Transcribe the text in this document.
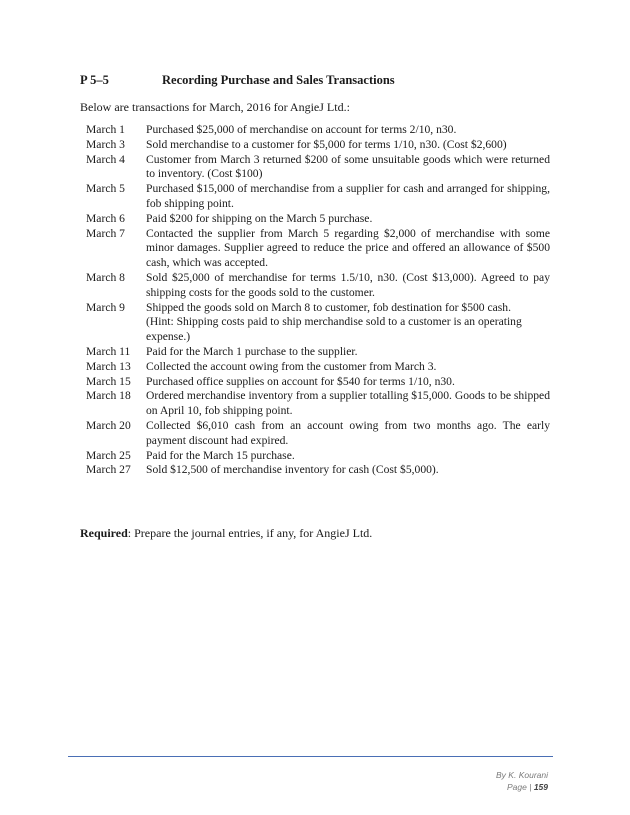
P 5–5	Recording Purchase and Sales Transactions
Below are transactions for March, 2016 for AngieJ Ltd.:
March 1	Purchased $25,000 of merchandise on account for terms 2/10, n30.
March 3	Sold merchandise to a customer for $5,000 for terms 1/10, n30. (Cost $2,600)
March 4	Customer from March 3 returned $200 of some unsuitable goods which were returned to inventory. (Cost $100)
March 5	Purchased $15,000 of merchandise from a supplier for cash and arranged for shipping, fob shipping point.
March 6	Paid $200 for shipping on the March 5 purchase.
March 7	Contacted the supplier from March 5 regarding $2,000 of merchandise with some minor damages. Supplier agreed to reduce the price and offered an allowance of $500 cash, which was accepted.
March 8	Sold $25,000 of merchandise for terms 1.5/10, n30. (Cost $13,000). Agreed to pay shipping costs for the goods sold to the customer.
March 9	Shipped the goods sold on March 8 to customer, fob destination for $500 cash.
(Hint: Shipping costs paid to ship merchandise sold to a customer is an operating expense.)
March 11	Paid for the March 1 purchase to the supplier.
March 13	Collected the account owing from the customer from March 3.
March 15	Purchased office supplies on account for $540 for terms 1/10, n30.
March 18	Ordered merchandise inventory from a supplier totalling $15,000. Goods to be shipped on April 10, fob shipping point.
March 20	Collected $6,010 cash from an account owing from two months ago. The early payment discount had expired.
March 25	Paid for the March 15 purchase.
March 27	Sold $12,500 of merchandise inventory for cash (Cost $5,000).
Required: Prepare the journal entries, if any, for AngieJ Ltd.
By K. Kourani
Page | 159
